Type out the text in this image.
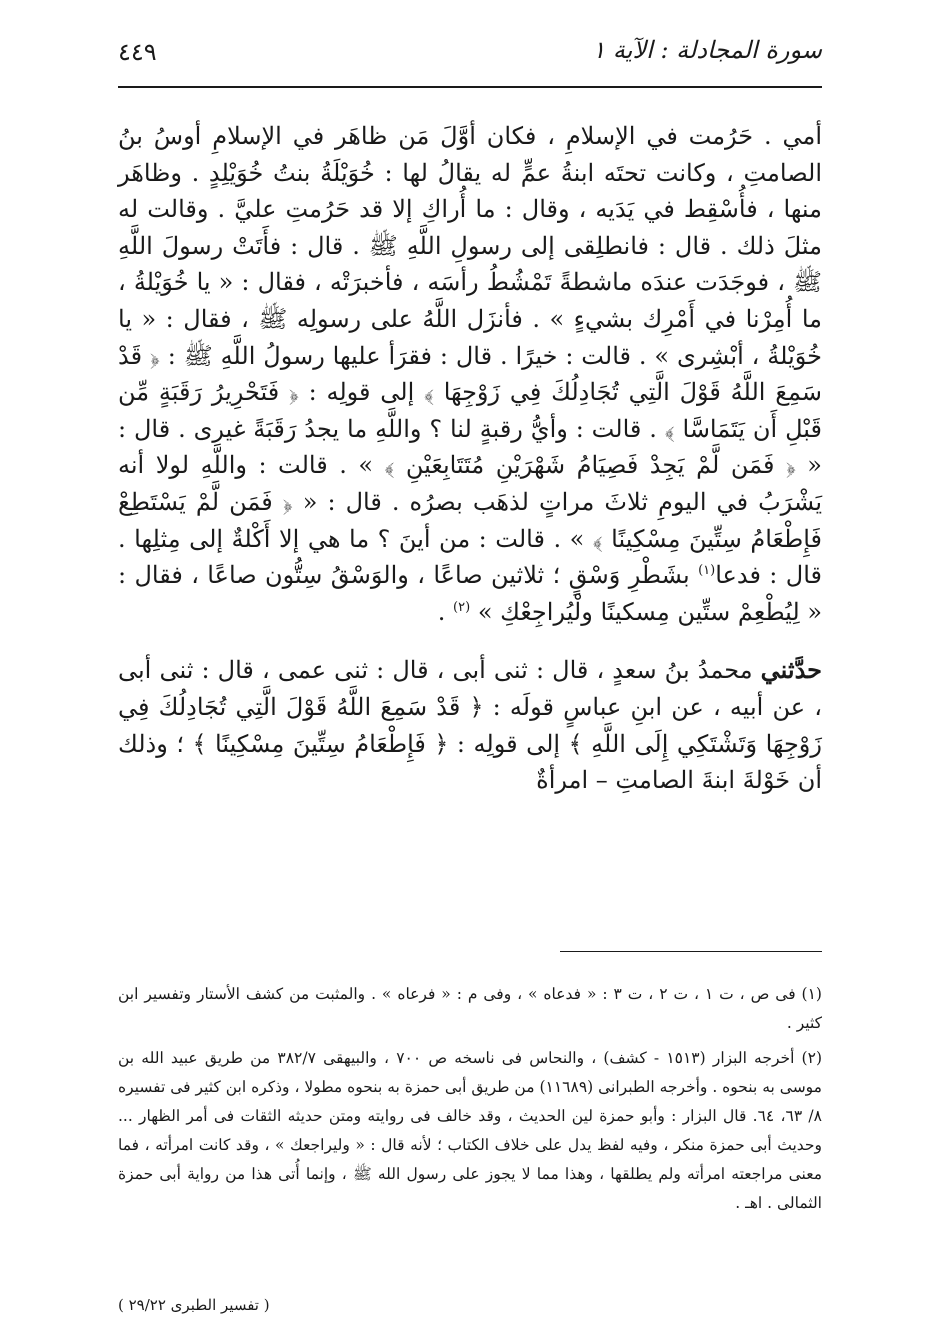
٤٤٩	سورة المجادلة : الآية ١

أمي . حَرُمت في الإسلامِ ، فكان أوَّلَ مَن ظاهَر في الإسلامِ أوسُ بنُ الصامتِ ، وكانت تحتَه ابنةُ عمٍّ له يقالُ لها : خُوَيْلَةُ بنتُ خُوَيْلِدٍ . وظاهَر منها ، فأُسْقِط في يَدَيه ، وقال : ما أُراكِ إلا قد حَرُمتِ عليَّ . وقالت له مثلَ ذلك . قال : فانطلِقى إلى رسولِ اللَّهِ ﷺ . قال : فأَتَتْ رسولَ اللَّهِ ﷺ ، فوجَدَت عندَه ماشطةً تَمْشُطُ رأسَه ، فأخبرَتْه ، فقال : « يا خُوَيْلةُ ، ما أُمِرْنا في أَمْرِك بشيءٍ » . فأنزَل اللَّهُ على رسولِه ﷺ ، فقال : « يا خُوَيْلةُ ، أبْشِرى » . قالت : خيرًا . قال : فقرَأ عليها رسولُ اللَّهِ ﷺ : ﴿ قَدْ سَمِعَ اللَّهُ قَوْلَ الَّتِي تُجَادِلُكَ فِي زَوْجِهَا ﴾ إلى قولِه : ﴿ فَتَحْرِيرُ رَقَبَةٍ مِّن قَبْلِ أَن يَتَمَاسَّا ﴾ . قالت : وأيُّ رقبةٍ لنا ؟ واللَّهِ ما يجدُ رَقَبَةً غيرى . قال : « ﴿ فَمَن لَّمْ يَجِدْ فَصِيَامُ شَهْرَيْنِ مُتَتَابِعَيْنِ ﴾ » . قالت : واللَّهِ لولا أنه يَشْرَبُ في اليومِ ثلاثَ مراتٍ لذهَب بصرُه . قال : « ﴿ فَمَن لَّمْ يَسْتَطِعْ فَإِطْعَامُ سِتِّينَ مِسْكِينًا ﴾ » . قالت : من أينَ ؟ ما هي إلا أَكْلةٌ إلى مِثلِها . قال : فدعا$^{(١)}$ بشَطْرِ وَسْقٍ ؛ ثلاثين صاعًا ، والوَسْقُ سِتُّون صاعًا ، فقال : « لِيُطْعِمْ ستِّين مِسكينًا ولْيُراجِعْكِ » $^{(٢)}$ .

حدَّثني محمدُ بنُ سعدٍ ، قال : ثنى أبى ، قال : ثنى عمى ، قال : ثنى أبى ، عن أبيه ، عن ابنِ عباسٍ قولَه : ﴿ قَدْ سَمِعَ اللَّهُ قَوْلَ الَّتِي تُجَادِلُكَ فِي زَوْجِهَا وَتَشْتَكِي إِلَى اللَّهِ ﴾ إلى قولِه : ﴿ فَإِطْعَامُ سِتِّينَ مِسْكِينًا ﴾ ؛ وذلك أن خَوْلةَ ابنةَ الصامتِ – امرأةٌ

(١) فى ص ، ت ١ ، ت ٢ ، ت ٣ : « فدعاه » ، وفى م : « فرعاه » . والمثبت من كشف الأستار وتفسير ابن كثير .

(٢) أخرجه البزار (١٥١٣ - كشف) ، والنحاس فى ناسخه ص ٧٠٠ ، والبيهقى ٣٨٢/٧ من طريق عبيد الله بن موسى به بنحوه . وأخرجه الطبرانى (١١٦٨٩) من طريق أبى حمزة به بنحوه مطولا ، وذكره ابن كثير فى تفسيره ٨/ ٦٣، ٦٤. قال البزار : وأبو حمزة لين الحديث ، وقد خالف فى روايته ومتن حديثه الثقات فى أمر الظهار ... وحديث أبى حمزة منكر ، وفيه لفظ يدل على خلاف الكتاب ؛ لأنه قال : « وليراجعك » ، وقد كانت امرأته ، فما معنى مراجعته امرأته ولم يطلقها ، وهذا مما لا يجوز على رسول الله ﷺ ، وإنما أُتى هذا من رواية أبى حمزة الثمالى . اهـ .

( تفسير الطبرى ٢٩/٢٢ )
